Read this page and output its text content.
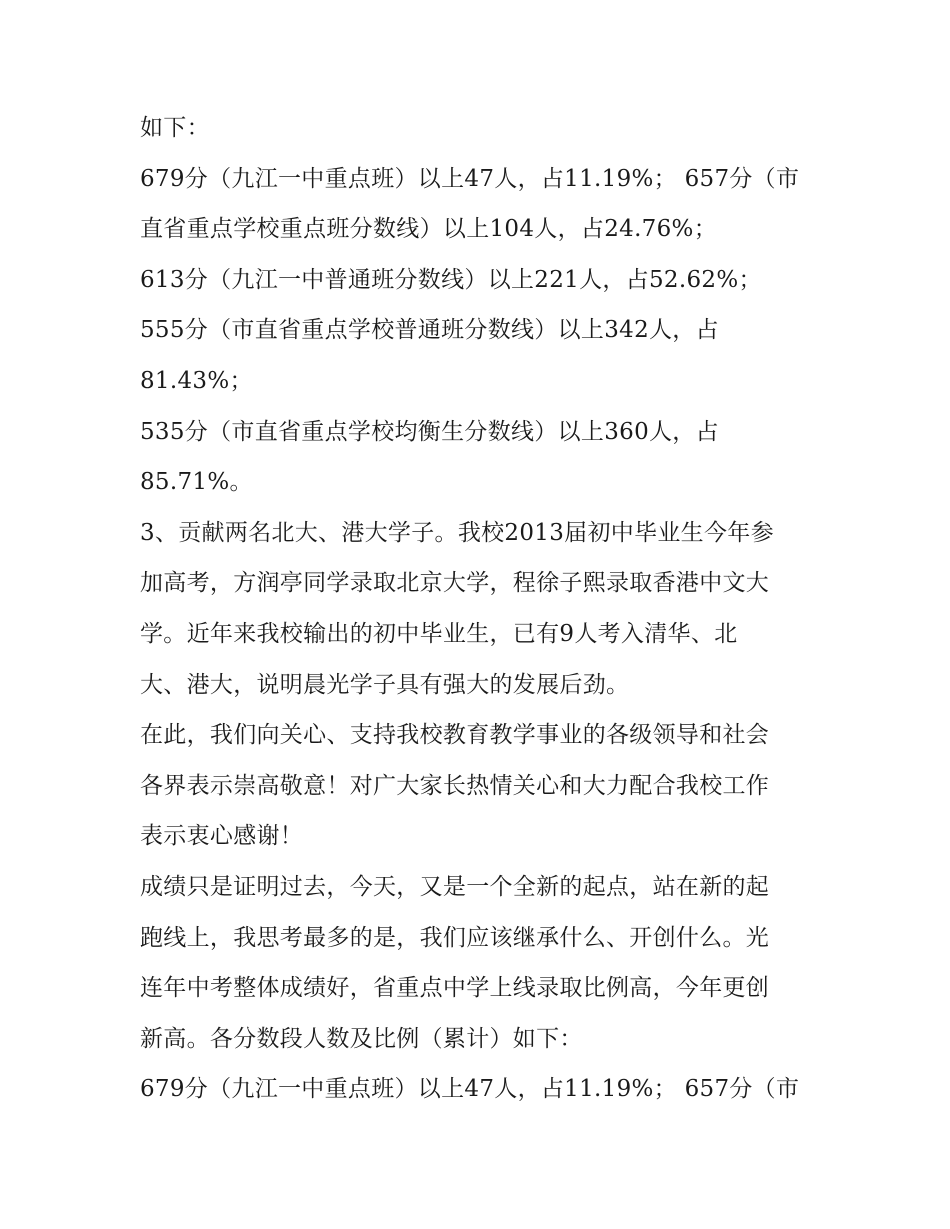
如下：
679分（九江一中重点班）以上47人，占11.19%； 657分（市
直省重点学校重点班分数线）以上104人，占24.76%；
613分（九江一中普通班分数线）以上221人，占52.62%；
555分（市直省重点学校普通班分数线）以上342人，占
81.43%；
535分（市直省重点学校均衡生分数线）以上360人，占
85.71%。
3、贡献两名北大、港大学子。我校2013届初中毕业生今年参
加高考，方润亭同学录取北京大学，程徐子熙录取香港中文大
学。近年来我校输出的初中毕业生，已有9人考入清华、北
大、港大，说明晨光学子具有强大的发展后劲。
在此，我们向关心、支持我校教育教学事业的各级领导和社会
各界表示崇高敬意！对广大家长热情关心和大力配合我校工作
表示衷心感谢！
成绩只是证明过去，今天，又是一个全新的起点，站在新的起
跑线上，我思考最多的是，我们应该继承什么、开创什么。光
连年中考整体成绩好，省重点中学上线录取比例高，今年更创
新高。各分数段人数及比例（累计）如下：
679分（九江一中重点班）以上47人，占11.19%； 657分（市
